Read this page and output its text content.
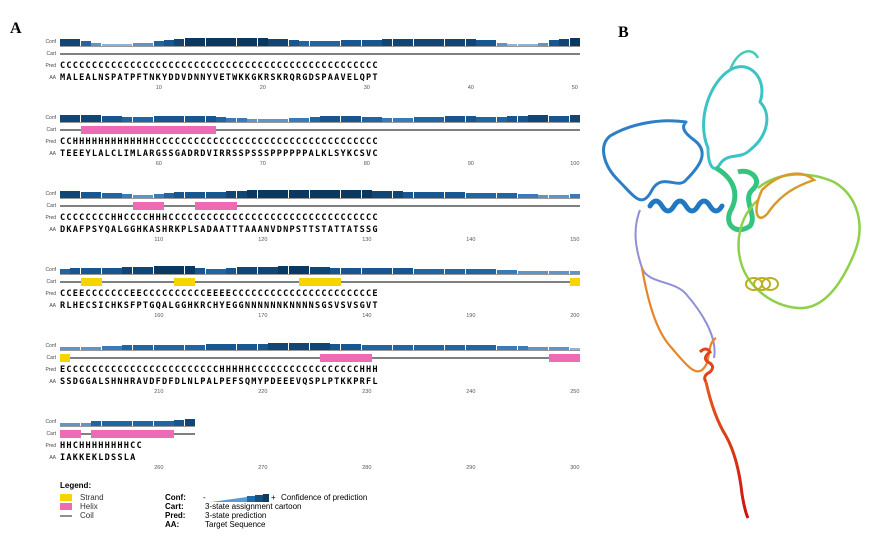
A	B
Conf
Cart
Pred CCCCCCCCCCCCCCCCCCCCCCCCCCCCCCCCCCCCCCCCCCCCCCCCCC
AA MALEALNSPATPFTNKYDDVDNNYVETWKKGKRSKRQRGDSPAAVELQPT
10	20	30	40	50
Conf
Cart
Pred CCHHHHHHHHHHHHHCCCCCCCCCCCCCCCCCCCCCCCCCCCCCCCCCCC
AA TEEEYLALCLIMLARGSSGADRDVIRRSSPSSSPPPPPPALKLSYKCSVC
60	70	80	90	100
Conf
Cart
Pred CCCCCCCCHHCCCCHHHCCCCCCCCCCCCCCCCCCCCCCCCCCCCCCCCC
AA DKAFPSYQALGGHKASHRKPLSADAATTTAAANVDNPSTTSTATTATSSG
110	120	130	140	150
Conf
Cart
Pred CCEECCCCCCCEECCCCCCCCCCEEEECCCCCCCCCCCCCCCCCCCCCCE
AA RLHECSICHKSFPTGQALGGHKRCHYEGGNNNNNNKNNNNSGSVSVSGVT
160	170	140	190	200
Conf
Cart
Pred ECCCCCCCCCCCCCCCCCCCCCCCCHHHHHCCCCCCCCCCCCCCCCCHHH
AA SSDGGALSHNHRAVDFDFDLNLPALPEFSQMYPDEEEVQSPLPTKKPRFL
210	220	230	240	250
Conf
Cart
Pred HHCHHHHHHHHCC
AA IAKKEKLDSSLA
260	270	280	290	300
Legend:
Strand
Helix
Coil
Conf: -	+ Confidence of prediction
Cart:	3-state assignment cartoon
Pred: 3-state prediction
AA:	Target Sequence
